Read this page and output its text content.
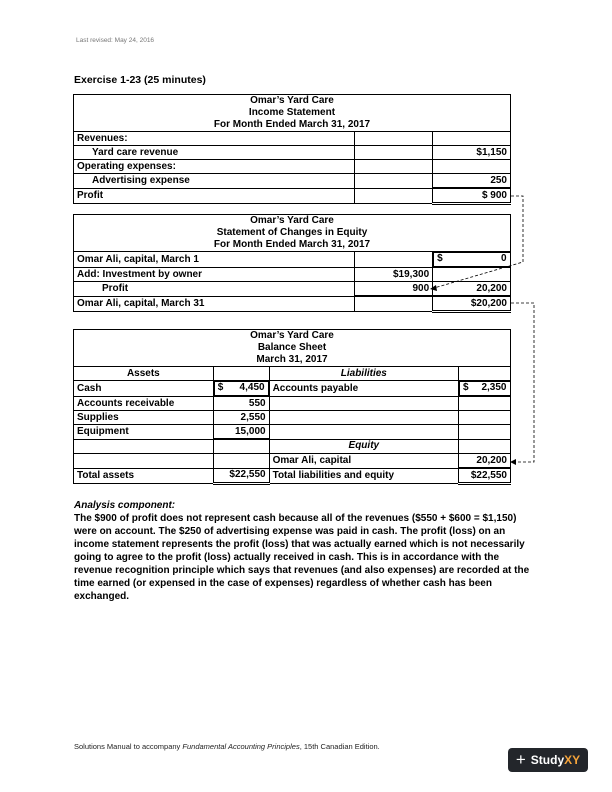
Last revised: May 24, 2016
Exercise 1-23 (25 minutes)
Omar’s Yard Care
Income Statement
For Month Ended March 31, 2017		

Revenues:		
Yard care revenue		$1,150
Operating expenses:		
Advertising expense		250
Profit		$ 900
Omar’s Yard Care
Statement of Changes in Equity
For Month Ended March 31, 2017		

Omar Ali, capital, March 1			$	0

Add: Investment by owner	$19,300	
Profit	900	20,200
Omar Ali, capital, March 31		$20,200
Omar’s Yard Care
Balance Sheet
March 31, 2017			

Assets		Liabilities	
Cash		$ 4,450 Accounts payable		$ 2,350

Accounts receivable	550		
Supplies	2,550		
Equipment	15,000		
		Equity	
		Omar Ali, capital	20,200
Total assets	$22,550	Total liabilities and equity	$22,550
Analysis component:
The $900 of profit does not represent cash because all of the revenues ($550 + $600 = $1,150) were on account. The $250 of advertising expense was paid in cash. The profit (loss) on an income statement represents the profit (loss) that was actually earned which is not necessarily going to agree to the profit (loss) actually received in cash. This is in accordance with the revenue recognition principle which says that revenues (and also expenses) are recorded at the time earned (or expensed in the case of expenses) regardless of whether cash has been exchanged.
Solutions Manual to accompany Fundamental Accounting Principles, 15th Canadian Edition.
+ Study XY
